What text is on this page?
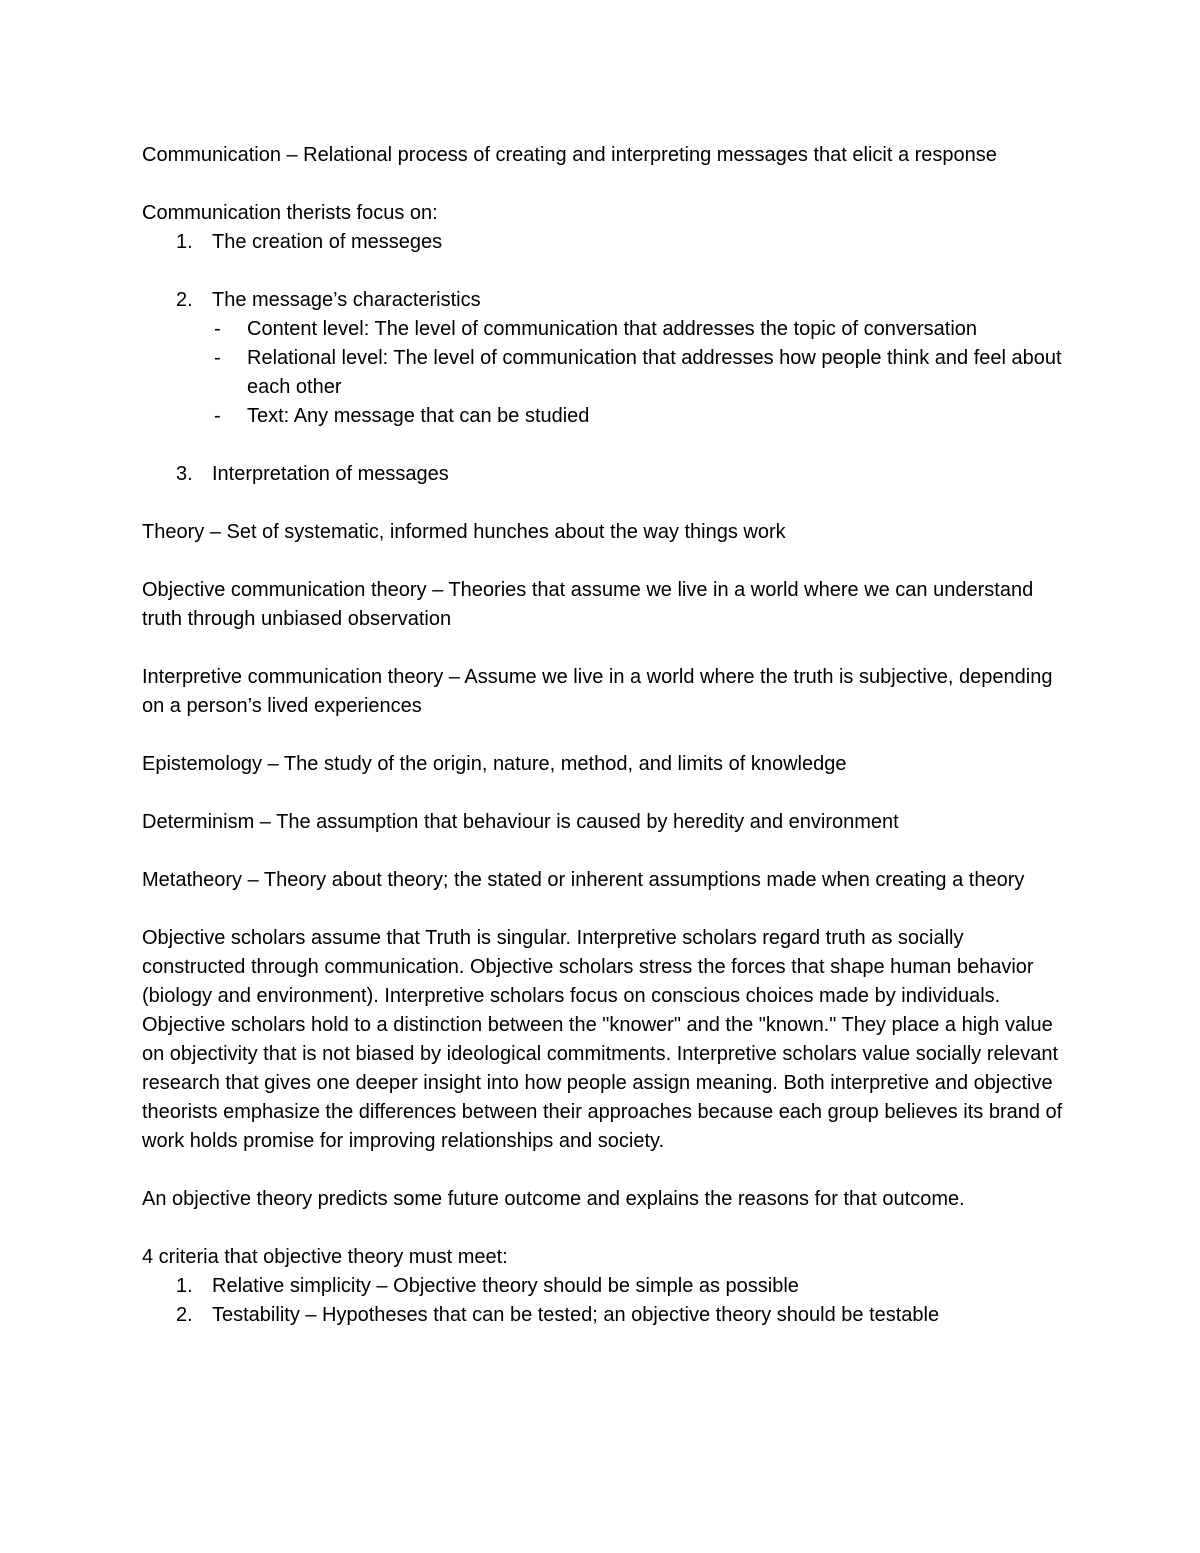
Communication – Relational process of creating and interpreting messages that elicit a response

Communication therists focus on:

1. The creation of messeges
2. The message’s characteristics
- Content level: The level of communication that addresses the topic of conversation
- Relational level: The level of communication that addresses how people think and feel about each other
- Text: Any message that can be studied
3. Interpretation of messages

Theory – Set of systematic, informed hunches about the way things work

Objective communication theory – Theories that assume we live in a world where we can understand truth through unbiased observation

Interpretive communication theory – Assume we live in a world where the truth is subjective, depending on a person’s lived experiences

Epistemology – The study of the origin, nature, method, and limits of knowledge

Determinism – The assumption that behaviour is caused by heredity and environment

Metatheory – Theory about theory; the stated or inherent assumptions made when creating a theory

Objective scholars assume that Truth is singular. Interpretive scholars regard truth as socially constructed through communication. Objective scholars stress the forces that shape human behavior (biology and environment). Interpretive scholars focus on conscious choices made by individuals. Objective scholars hold to a distinction between the "knower" and the "known." They place a high value on objectivity that is not biased by ideological commitments. Interpretive scholars value socially relevant research that gives one deeper insight into how people assign meaning. Both interpretive and objective theorists emphasize the differences between their approaches because each group believes its brand of work holds promise for improving relationships and society.

An objective theory predicts some future outcome and explains the reasons for that outcome.

4 criteria that objective theory must meet:

1. Relative simplicity – Objective theory should be simple as possible
2. Testability – Hypotheses that can be tested; an objective theory should be testable
